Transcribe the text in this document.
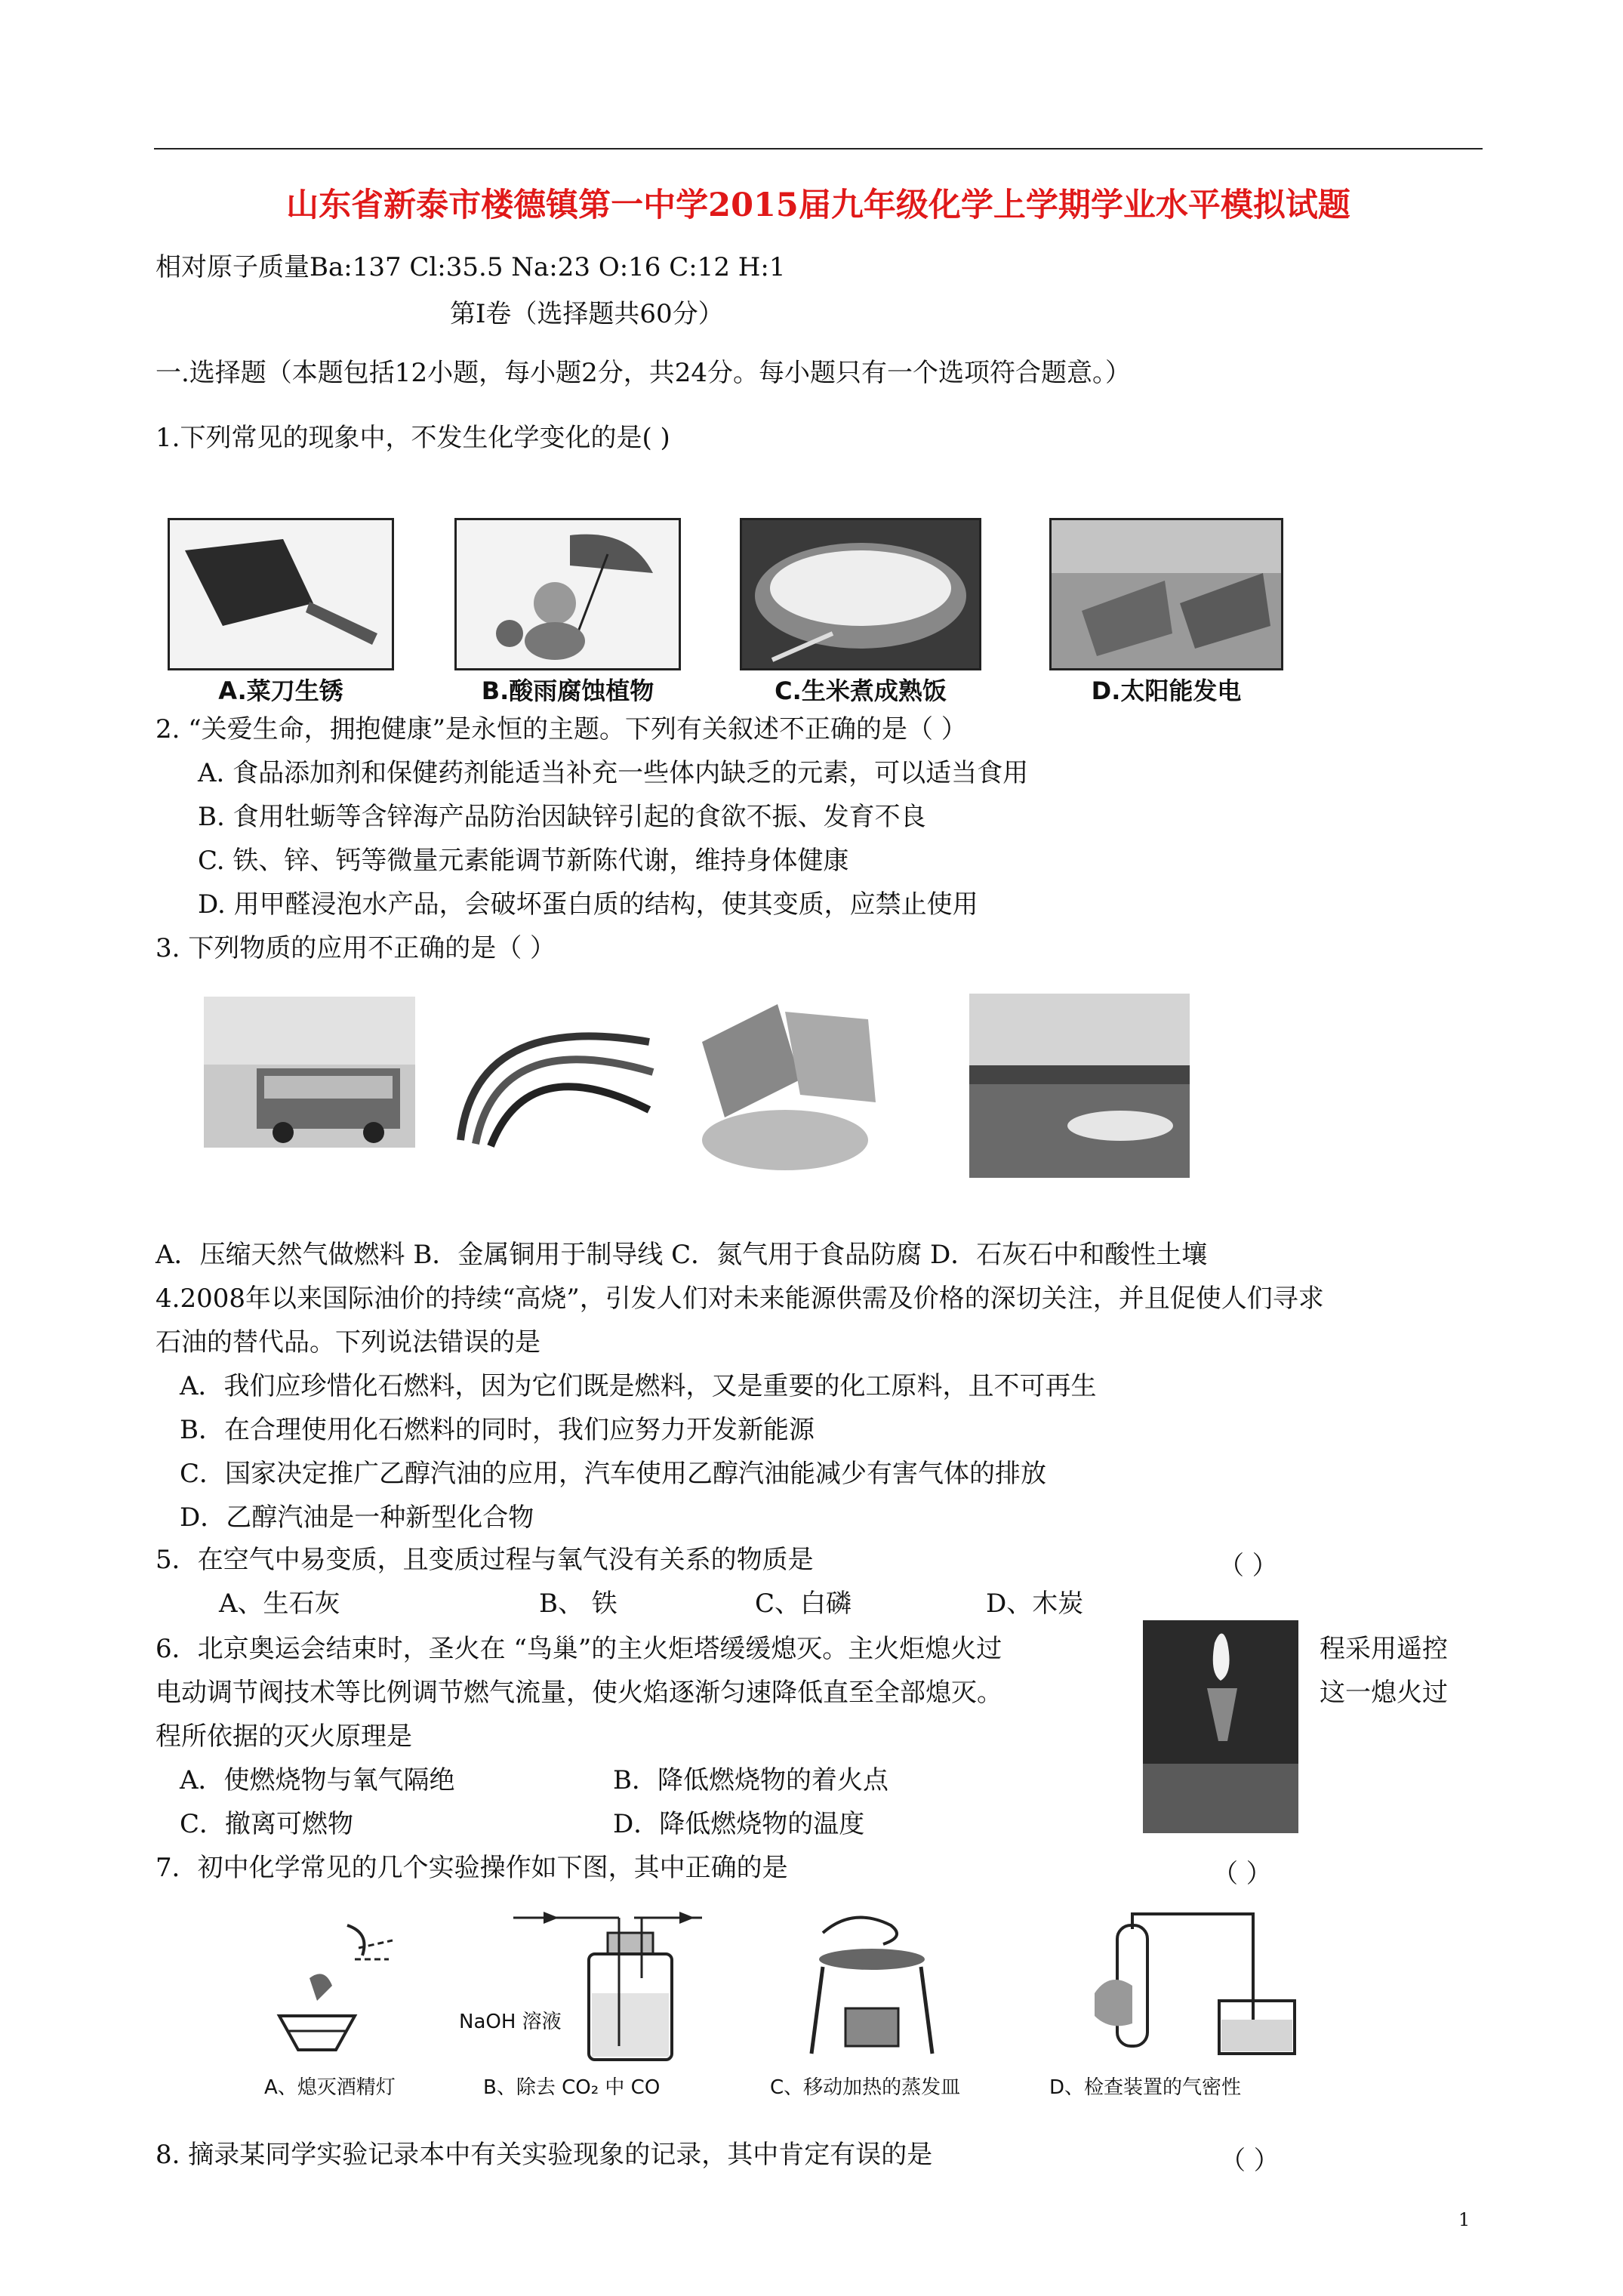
山东省新泰市楼德镇第一中学2015届九年级化学上学期学业水平模拟试题
相对原子质量Ba:137 Cl:35.5 Na:23 O:16 C:12 H:1
第Ⅰ卷（选择题共60分）
一.选择题（本题包括12小题，每小题2分，共24分。每小题只有一个选项符合题意。）
1.下列常见的现象中，不发生化学变化的是( )
A.菜刀生锈	B.酸雨腐蚀植物	C.生米煮成熟饭	D.太阳能发电
2. “关爱生命，拥抱健康”是永恒的主题。下列有关叙述不正确的是（ ）
A. 食品添加剂和保健药剂能适当补充一些体内缺乏的元素，可以适当食用
B. 食用牡蛎等含锌海产品防治因缺锌引起的食欲不振、发育不良
C. 铁、锌、钙等微量元素能调节新陈代谢，维持身体健康
D. 用甲醛浸泡水产品，会破坏蛋白质的结构，使其变质，应禁止使用
3. 下列物质的应用不正确的是（ ）
A．压缩天然气做燃料 B．金属铜用于制导线 C．氮气用于食品防腐 D．石灰石中和酸性土壤
4.2008年以来国际油价的持续“高烧”，引发人们对未来能源供需及价格的深切关注，并且促使人们寻求
石油的替代品。下列说法错误的是
A．我们应珍惜化石燃料，因为它们既是燃料，又是重要的化工原料，且不可再生
B．在合理使用化石燃料的同时，我们应努力开发新能源
C．国家决定推广乙醇汽油的应用，汽车使用乙醇汽油能减少有害气体的排放
D．乙醇汽油是一种新型化合物
5．在空气中易变质，且变质过程与氧气没有关系的物质是	（ ）
A、生石灰	B、 铁	C、白磷	D、木炭
6．北京奥运会结束时，圣火在 “鸟巢”的主火炬塔缓缓熄灭。主火炬熄火过	程采用遥控
电动调节阀技术等比例调节燃气流量，使火焰逐渐匀速降低直至全部熄灭。	这一熄火过
程所依据的灭火原理是
A．使燃烧物与氧气隔绝	B．降低燃烧物的着火点
C．撤离可燃物	D．降低燃烧物的温度
7．初中化学常见的几个实验操作如下图，其中正确的是	（ ）
NaOH 溶液
A、熄灭酒精灯	B、除去 CO₂ 中 CO	C、移动加热的蒸发皿	D、检查装置的气密性
8. 摘录某同学实验记录本中有关实验现象的记录，其中肯定有误的是	（ ）
1
